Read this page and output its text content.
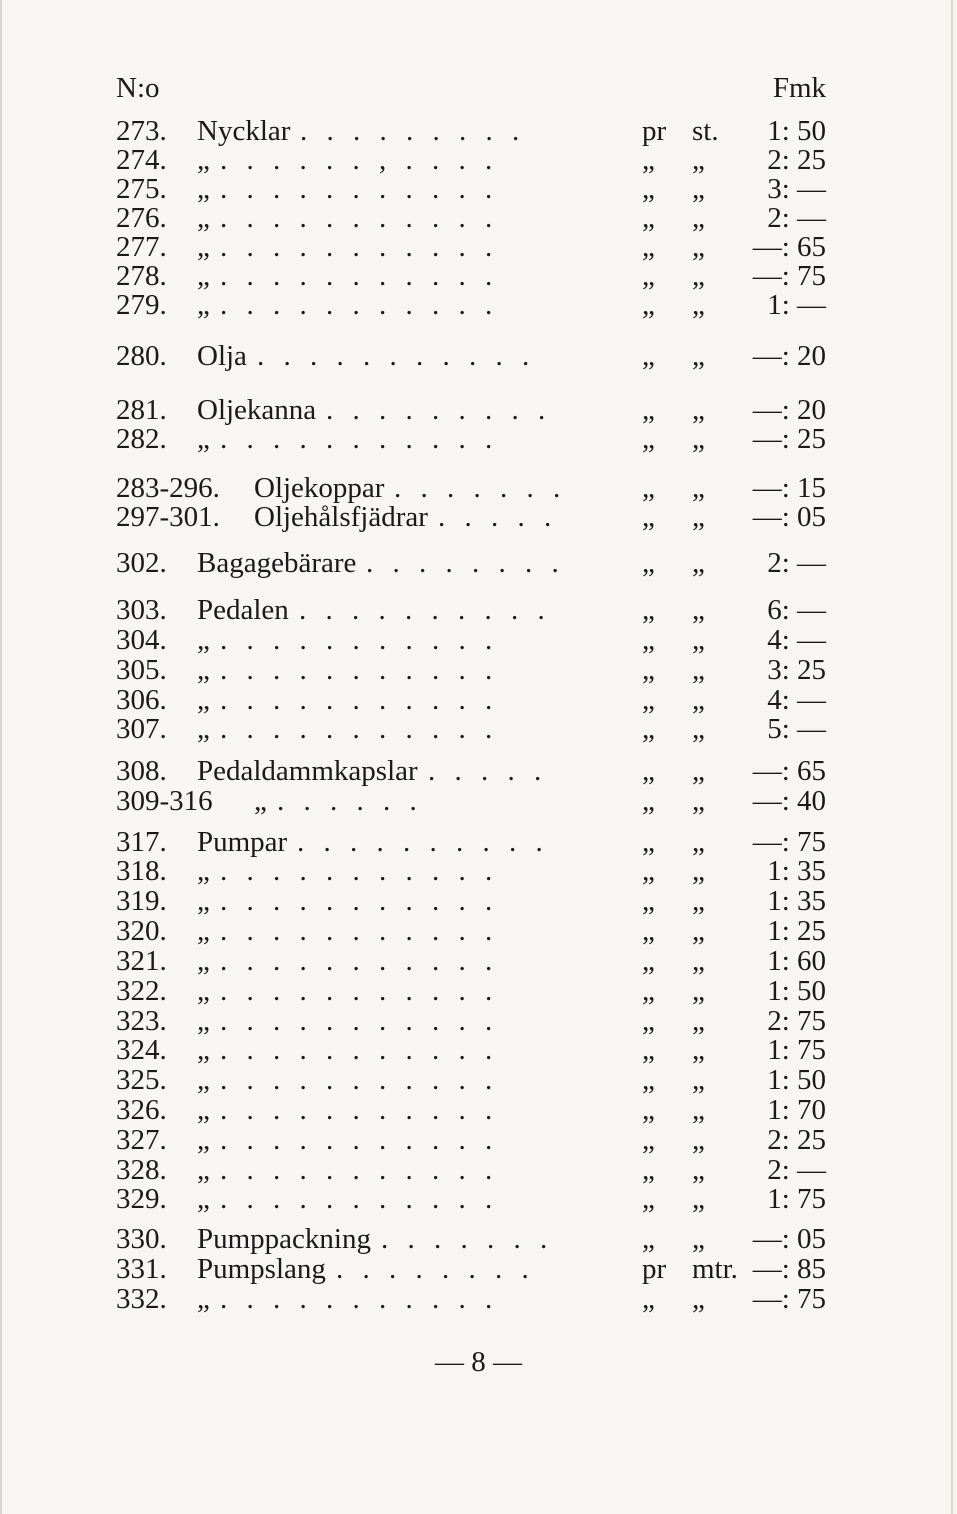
N:o	Fmk
273. Nycklar . . . . . . . . .	pr st. 1: 50
274. „ . . . . . . , . . . .	„ „ 2: 25
275. „ . . . . . . . . . . .	„ „ 3: —
276. „ . . . . . . . . . . .	„ „ 2: —
277. „ . . . . . . . . . . .	„ „ —: 65
278. „ . . . . . . . . . . .	„ „ —: 75
279. „ . . . . . . . . . . .	„ „ 1: —
280. Olja . . . . . . . . . . .	„ „ —: 20
281. Oljekanna . . . . . . . . .	„ „ —: 20
282. „ . . . . . . . . . . .	„ „ —: 25
283-296. Oljekoppar . . . . . . .	„ „ —: 15
297-301. Oljehålsfjädrar . . . . .	„ „ —: 05
302. Bagagebärare . . . . . . . .	„ „ 2: —
303. Pedalen . . . . . . . . . .	„ „ 6: —
304. „ . . . . . . . . . . .	„ „ 4: —
305. „ . . . . . . . . . . .	„ „ 3: 25
306. „ . . . . . . . . . . .	„ „ 4: —
307. „ . . . . . . . . . . .	„ „ 5: —
308. Pedaldammkapslar . . . . .	„ „ —: 65
309-316 „ . . . . . .	„ „ —: 40
317. Pumpar . . . . . . . . . .	„ „ —: 75
318. „ . . . . . . . . . . .	„ „ 1: 35
319. „ . . . . . . . . . . .	„ „ 1: 35
320. „ . . . . . . . . . . .	„ „ 1: 25
321. „ . . . . . . . . . . .	„ „ 1: 60
322. „ . . . . . . . . . . .	„ „ 1: 50
323. „ . . . . . . . . . . .	„ „ 2: 75
324. „ . . . . . . . . . . .	„ „ 1: 75
325. „ . . . . . . . . . . .	„ „ 1: 50
326. „ . . . . . . . . . . .	„ „ 1: 70
327. „ . . . . . . . . . . .	„ „ 2: 25
328. „ . . . . . . . . . . .	„ „ 2: —
329. „ . . . . . . . . . . .	„ „ 1: 75
330. Pumppackning . . . . . . .	„ „ —: 05
331. Pumpslang . . . . . . . .	pr mtr. —: 85
332. „ . . . . . . . . . . .	„ „ —: 75
— 8 —
